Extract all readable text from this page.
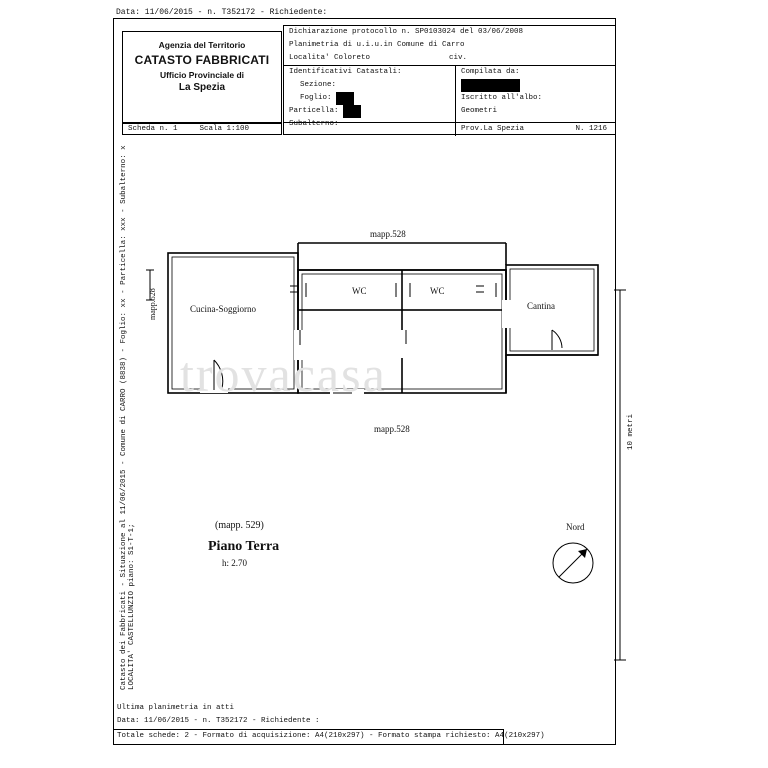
Data: 11/06/2015 - n. T352172 - Richiedente:
Agenzia del Territorio
CATASTO FABBRICATI
Ufficio Provinciale di
La Spezia
Scheda n. 1	Scala 1:100
Dichiarazione protocollo n. SP0103024 del 03/06/2008
Planimetria di u.i.u.in Comune di Carro
Localita' Coloreto	civ.
Identificativi Catastali:
Sezione:
Foglio: XXXX
Particella: XXXX
Subalterno:
Compilata da:
XXXXXXXXXXXXX
Iscritto all'albo:
Geometri
Prov.La Spezia	N. 1216
trovacasa
Cucina-Soggiorno
WC	WC
Cantina
mapp.528
mapp.528
mapp.528
10 metri
(mapp. 529)
Piano Terra
h: 2.70
Nord
Catasto dei Fabbricati - Situazione al 11/06/2015 - Comune di CARRO (8838) - Foglio: xx - Particella: xxx - Subalterno: x LOCALITA' CASTELLUNZIO piano: S1-T-1;
Ultima planimetria in atti
Data: 11/06/2015 - n. T352172 - Richiedente :
Totale schede: 2 - Formato di acquisizione: A4(210x297) - Formato stampa richiesto: A4(210x297)
